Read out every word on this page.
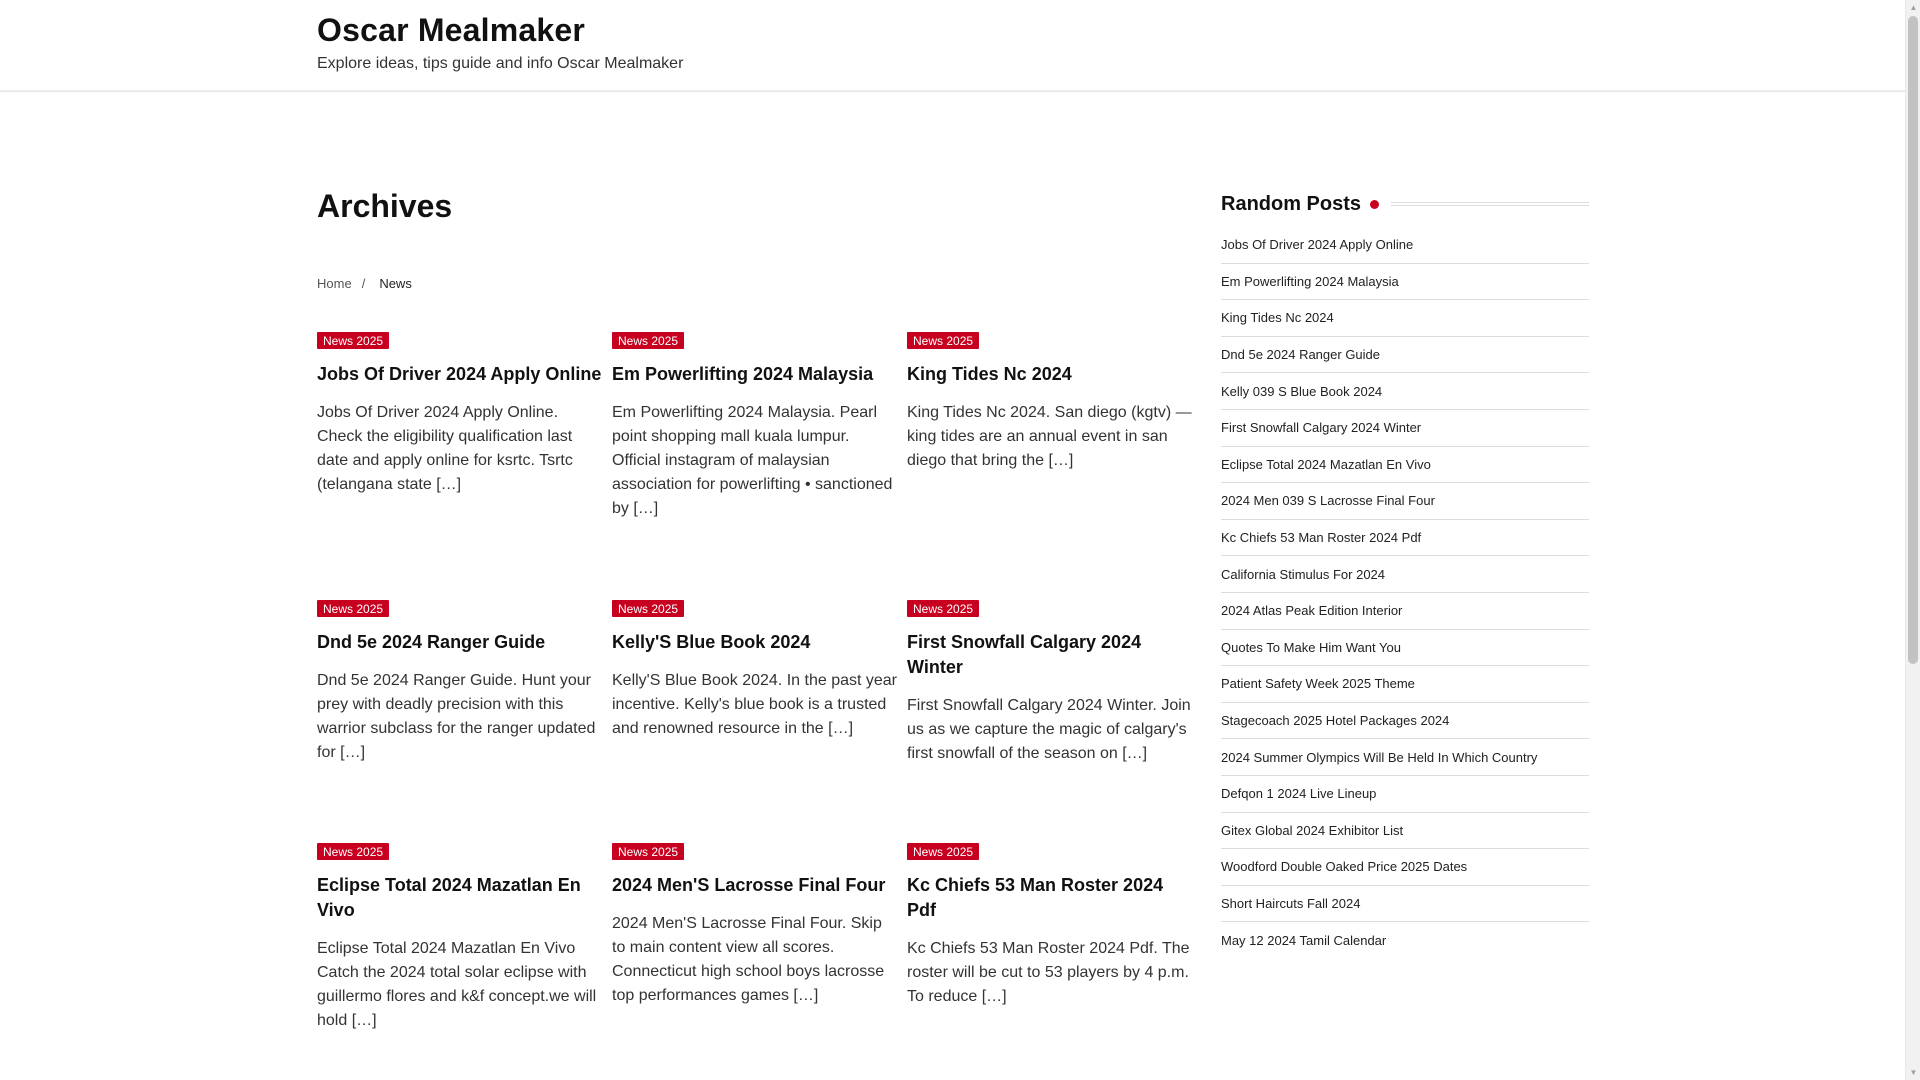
Oscar Mealmaker
Explore ideas, tips guide and info Oscar Mealmaker
Archives
Home / News
News 2025
Jobs Of Driver 2024 Apply Online

Jobs Of Driver 2024 Apply Online. Check the eligibility qualification last date and apply online for ksrtc. Tsrtc (telangana state […]

News 2025
Em Powerlifting 2024 Malaysia

Em Powerlifting 2024 Malaysia. Pearl point shopping mall kuala lumpur. Official instagram of malaysian association for powerlifting • sanctioned by […]

News 2025
King Tides Nc 2024

King Tides Nc 2024. San diego (kgtv) — king tides are an annual event in san diego that bring the […]

News 2025
Dnd 5e 2024 Ranger Guide

Dnd 5e 2024 Ranger Guide. Hunt your prey with deadly precision with this warrior subclass for the ranger updated for […]

News 2025
Kelly'S Blue Book 2024

Kelly'S Blue Book 2024. In the past year incentive. Kelly's blue book is a trusted and renowned resource in the […]

News 2025
First Snowfall Calgary 2024 Winter

First Snowfall Calgary 2024 Winter. Join us as we capture the magic of calgary's first snowfall of the season on […]

News 2025
Eclipse Total 2024 Mazatlan En Vivo

Eclipse Total 2024 Mazatlan En Vivo Catch the 2024 total solar eclipse with guillermo flores and k&f concept.we will hold […]

News 2025
2024 Men'S Lacrosse Final Four

2024 Men'S Lacrosse Final Four. Skip to main content view all scores. Connecticut high school boys lacrosse top performances games […]

News 2025
Kc Chiefs 53 Man Roster 2024 Pdf

Kc Chiefs 53 Man Roster 2024 Pdf. The roster will be cut to 53 players by 4 p.m. To reduce […]

Random Posts
Jobs Of Driver 2024 Apply Online
Em Powerlifting 2024 Malaysia
King Tides Nc 2024
Dnd 5e 2024 Ranger Guide
Kelly 039 S Blue Book 2024
First Snowfall Calgary 2024 Winter
Eclipse Total 2024 Mazatlan En Vivo
2024 Men 039 S Lacrosse Final Four
Kc Chiefs 53 Man Roster 2024 Pdf
California Stimulus For 2024
2024 Atlas Peak Edition Interior
Quotes To Make Him Want You
Patient Safety Week 2025 Theme
Stagecoach 2025 Hotel Packages 2024
2024 Summer Olympics Will Be Held In Which Country
Defqon 1 2024 Live Lineup
Gitex Global 2024 Exhibitor List
Woodford Double Oaked Price 2025 Dates
Short Haircuts Fall 2024
May 12 2024 Tamil Calendar
▲
▼
